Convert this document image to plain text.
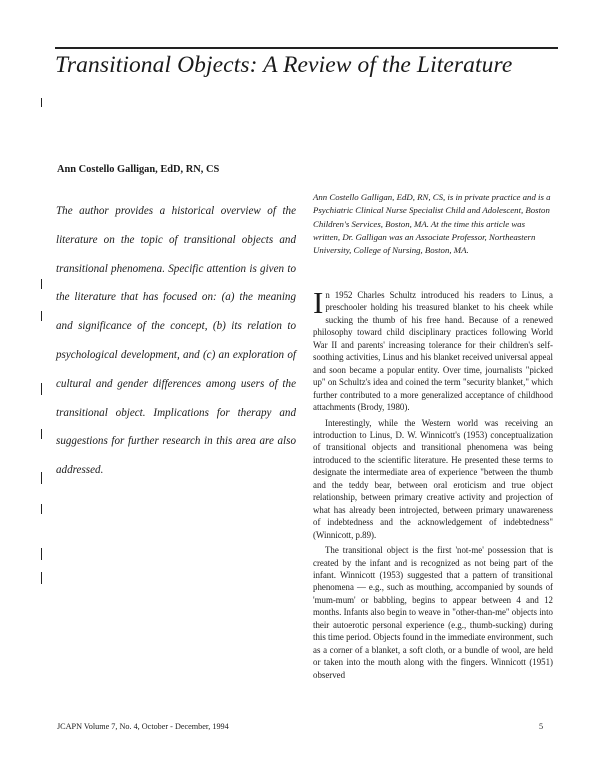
Transitional Objects: A Review of the Literature

Ann Costello Galligan, EdD, RN, CS

The author provides a historical overview of the literature on the topic of transitional objects and transitional phenomena. Specific attention is given to the literature that has focused on: (a) the meaning and significance of the concept, (b) its relation to psychological development, and (c) an exploration of cultural and gender differences among users of the transitional object. Implications for therapy and suggestions for further research in this area are also addressed.

Ann Costello Galligan, EdD, RN, CS, is in private practice and is a Psychiatric Clinical Nurse Specialist Child and Adolescent, Boston Children's Services, Boston, MA. At the time this article was written, Dr. Galligan was an Associate Professor, Northeastern University, College of Nursing, Boston, MA.

In 1952 Charles Schultz introduced his readers to Linus, a preschooler holding his treasured blanket to his cheek while sucking the thumb of his free hand. Because of a renewed philosophy toward child disciplinary practices following World War II and parents' increasing tolerance for their children's self-soothing activities, Linus and his blanket received universal appeal and soon became a popular entity. Over time, journalists "picked up" on Schultz's idea and coined the term "security blanket," which further contributed to a more generalized acceptance of childhood attachments (Brody, 1980).

Interestingly, while the Western world was receiving an introduction to Linus, D. W. Winnicott's (1953) conceptualization of transitional objects and transitional phenomena was being introduced to the scientific literature. He presented these terms to designate the intermediate area of experience "between the thumb and the teddy bear, between oral eroticism and true object relationship, between primary creative activity and projection of what has already been introjected, between primary unawareness of indebtedness and the acknowledgement of indebtedness" (Winnicott, p.89).

The transitional object is the first 'not-me' possession that is created by the infant and is recognized as not being part of the infant. Winnicott (1953) suggested that a pattern of transitional phenomena — e.g., such as mouthing, accompanied by sounds of 'mum-mum' or babbling, begins to appear between 4 and 12 months. Infants also begin to weave in "other-than-me" objects into their autoerotic personal experience (e.g., thumb-sucking) during this time period. Objects found in the immediate environment, such as a corner of a blanket, a soft cloth, or a bundle of wool, are held or taken into the mouth along with the fingers. Winnicott (1951) observed

JCAPN Volume 7, No. 4, October - December, 1994	5
